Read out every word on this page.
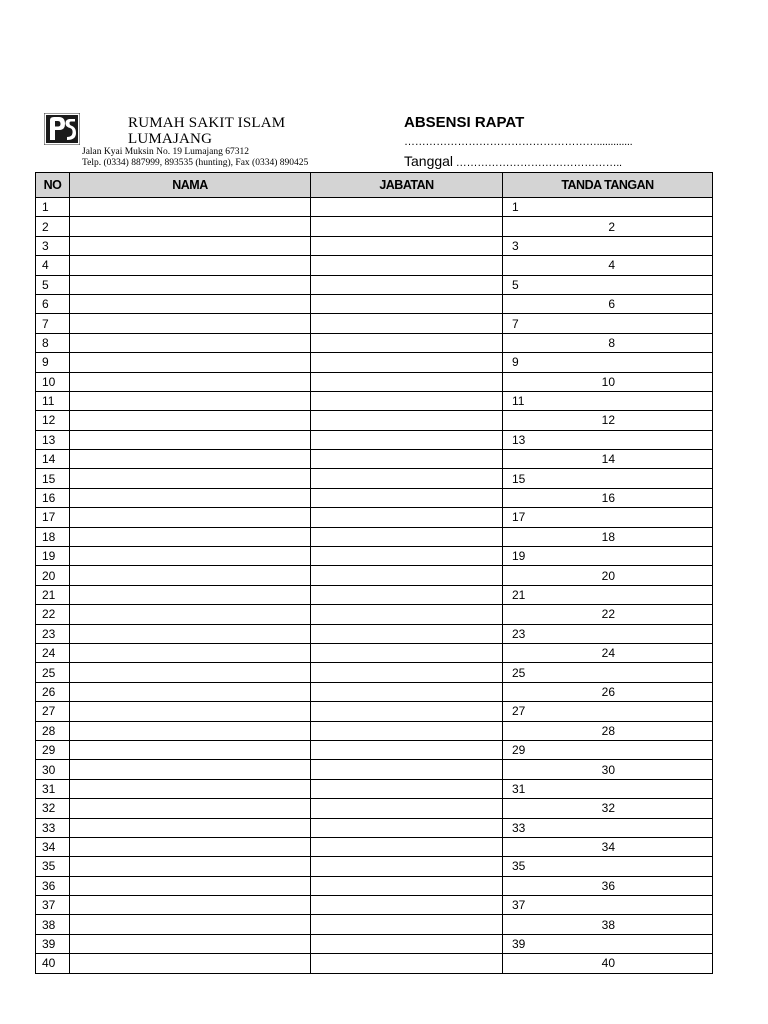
RUMAH SAKIT ISLAM
LUMAJANG
Jalan Kyai Muksin No. 19 Lumajang 67312
Telp. (0334) 887999, 893535 (hunting), Fax (0334) 890425
ABSENSI RAPAT
……………………………………………….............
Tanggal ………………………………………..
NO	NAMA	JABATAN	TANDA TANGAN
1			1
2			2
3			3
4			4
5			5
6			6
7			7
8			8
9			9
10			10
11			11
12			12
13			13
14			14
15			15
16			16
17			17
18			18
19			19
20			20
21			21
22			22
23			23
24			24
25			25
26			26
27			27
28			28
29			29
30			30
31			31
32			32
33			33
34			34
35			35
36			36
37			37
38			38
39			39
40			40
